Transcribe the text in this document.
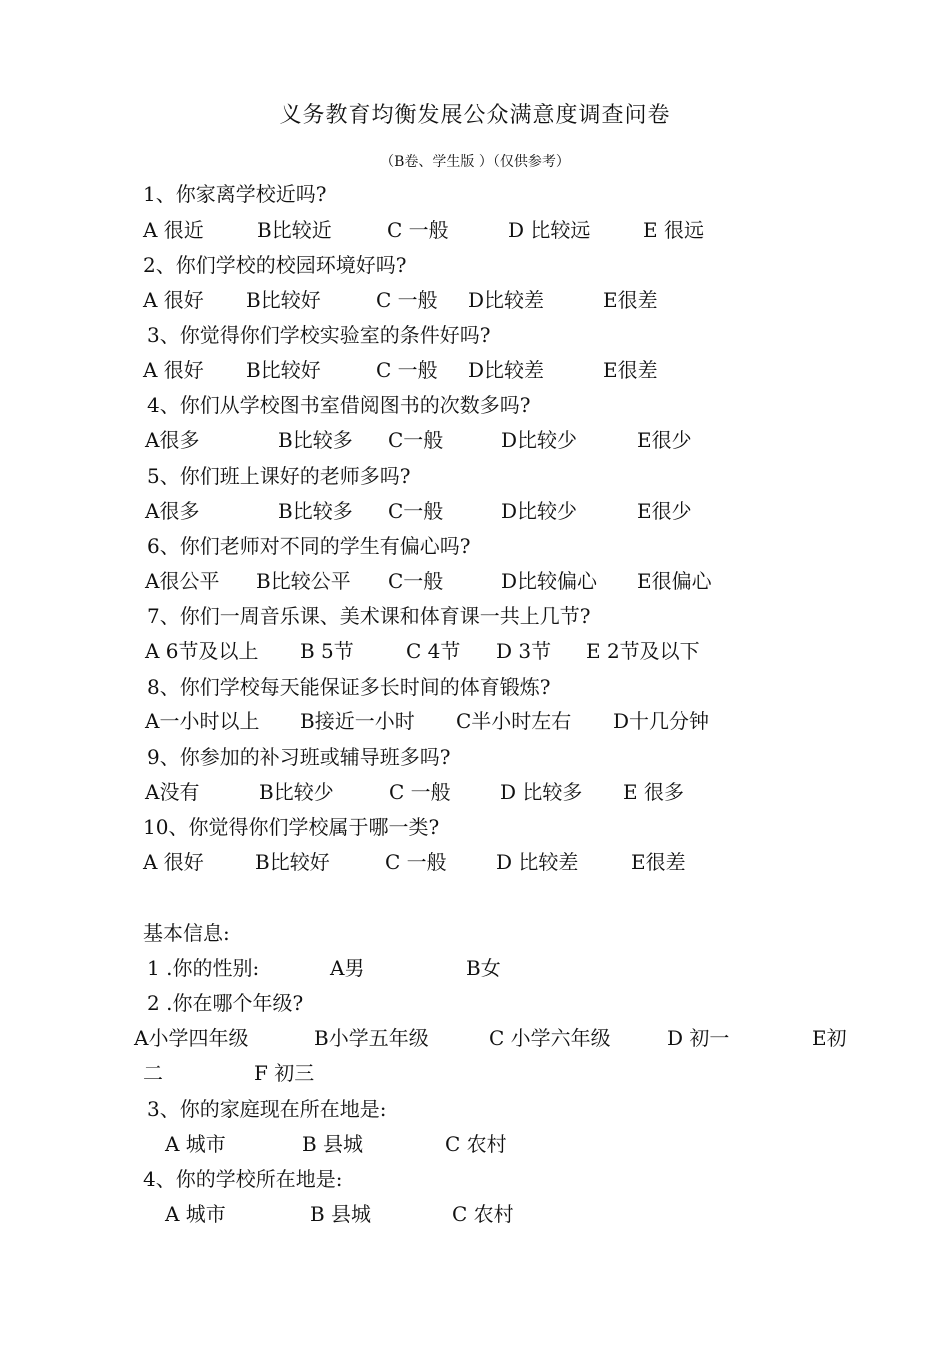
义务教育均衡发展公众满意度调查问卷
（B卷、学生版 ）（仅供参考）
1、你家离学校近吗?
A 很近	B比较近	C 一般	D 比较远	E 很远
2、你们学校的校园环境好吗?
A 很好 B比较好	C 一般 D比较差	E很差
3、你觉得你们学校实验室的条件好吗?
A 很好 B比较好	C 一般 D比较差	E很差
4、你们从学校图书室借阅图书的次数多吗?
A很多	B比较多 C一般	D比较少	E很少
5、你们班上课好的老师多吗?
A很多	B比较多 C一般	D比较少	E很少
6、你们老师对不同的学生有偏心吗?
A很公平 B比较公平 C一般	D比较偏心 E很偏心
7、你们一周音乐课、美术课和体育课一共上几节?
A 6节及以上 B 5节	C 4节 D 3节 E 2节及以下
8、你们学校每天能保证多长时间的体育锻炼?
A一小时以上 B接近一小时 C半小时左右 D十几分钟
9、你参加的补习班或辅导班多吗?
A没有	B比较少	C 一般 D 比较多 E 很多
10、你觉得你们学校属于哪一类?
A 很好	B比较好	C 一般 D 比较差	E很差
基本信息:
1 .你的性别:	A男	B女
2 .你在哪个年级?
A小学四年级	B小学五年级	C 小学六年级	D 初一	E初
二	F 初三
3、你的家庭现在所在地是:
A 城市	B 县城	C 农村
4、你的学校所在地是:
A 城市	B 县城	C 农村
